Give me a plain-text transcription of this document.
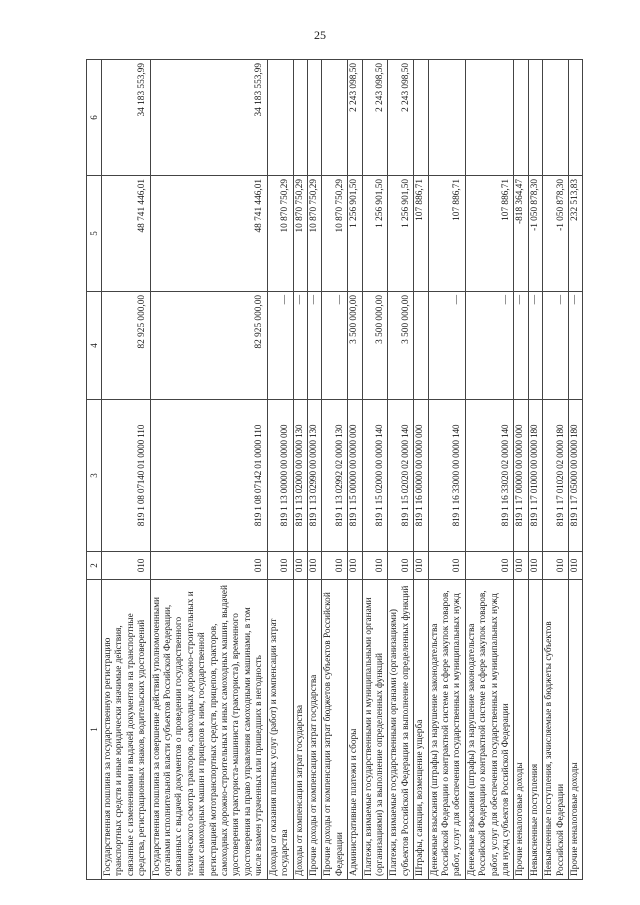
25
1	2	3	4	5	6
Государственная пошлина за государственную регистрацию транспортных средств и иные юридически значимые действия, связанные с изменениями и выдачей документов на транспортные средства, регистрационных знаков, водительских удостоверений	010	819 1 08 07140 01 0000 110	82 925 000,00	48 741 446,01	34 183 553,99
Государственная пошлина за совершение действий уполномоченными органами исполнительной власти субъектов Российской Федерации, связанных с выдачей документов о проведении государственного технического осмотра тракторов, самоходных дорожно-строительных и иных самоходных машин и прицепов к ним, государственной регистрацией мототранспортных средств, прицепов, тракторов, самоходных дорожно-строительных и иных самоходных машин, выдачей удостоверения тракториста-машиниста (тракториста), временного удостоверения на право управления самоходными машинами, в том числе взамен утраченных или пришедших в негодность	010	819 1 08 07142 01 0000 110	82 925 000,00	48 741 446,01	34 183 553,99
Доходы от оказания платных услуг (работ) и компенсации затрат государства	010	819 1 13 00000 00 0000 000	—	10 870 750,29	
Доходы от компенсации затрат государства	010	819 1 13 02000 00 0000 130	—	10 870 750,29	
Прочие доходы от компенсации затрат государства	010	819 1 13 02990 00 0000 130	—	10 870 750,29	
Прочие доходы от компенсации затрат бюджетов субъектов Российской Федерации	010	819 1 13 02992 02 0000 130	—	10 870 750,29	
Административные платежи и сборы	010	819 1 15 00000 00 0000 000	3 500 000,00	1 256 901,50	2 243 098,50
Платежи, взимаемые государственными и муниципальными органами (организациями) за выполнение определенных функций	010	819 1 15 02000 00 0000 140	3 500 000,00	1 256 901,50	2 243 098,50
Платежи, взимаемые государственными органами (организациями) субъектов Российской Федерации за выполнение определенных функций	010	819 1 15 02020 02 0000 140	3 500 000,00	1 256 901,50	2 243 098,50
Штрафы, санкции, возмещение ущерба	010	819 1 16 00000 00 0000 000		107 886,71	
Денежные взыскания (штрафы) за нарушение законодательства Российской Федерации о контрактной системе в сфере закупок товаров, работ, услуг для обеспечения государственных и муниципальных нужд	010	819 1 16 33000 00 0000 140	—	107 886,71	
Денежные взыскания (штрафы) за нарушение законодательства Российской Федерации о контрактной системе в сфере закупок товаров, работ, услуг для обеспечения государственных и муниципальных нужд для нужд субъектов Российской Федерации	010	819 1 16 33020 02 0000 140	—	107 886,71	
Прочие неналоговые доходы	010	819 1 17 00000 00 0000 000	—	-818 364,47	
Невыясненные поступления	010	819 1 17 01000 00 0000 180	—	-1 050 878,30	
Невыясненные поступления, зачисляемые в бюджеты субъектов Российской Федерации	010	819 1 17 01020 02 0000 180	—	-1 050 878,30	
Прочие неналоговые доходы	010	819 1 17 05000 00 0000 180	—	232 513,83	
